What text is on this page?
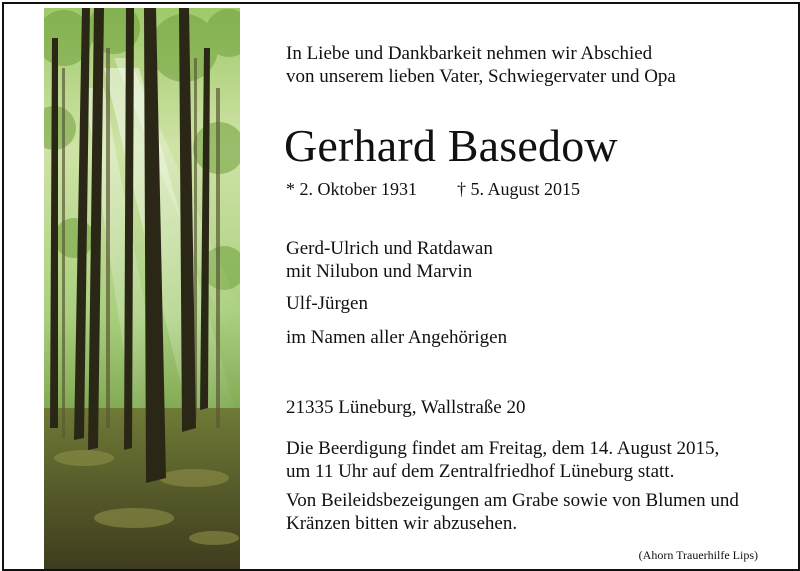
In Liebe und Dankbarkeit nehmen wir Abschied
von unserem lieben Vater, Schwiegervater und Opa
Gerhard Basedow
* 2. Oktober 1931 † 5. August 2015
Gerd-Ulrich und Ratdawan
mit Nilubon und Marvin
Ulf-Jürgen
im Namen aller Angehörigen
21335 Lüneburg, Wallstraße 20
Die Beerdigung findet am Freitag, dem 14. August 2015,
um 11 Uhr auf dem Zentralfriedhof Lüneburg statt.
Von Beileidsbezeigungen am Grabe sowie von Blumen und
Kränzen bitten wir abzusehen.
(Ahorn Trauerhilfe Lips)
